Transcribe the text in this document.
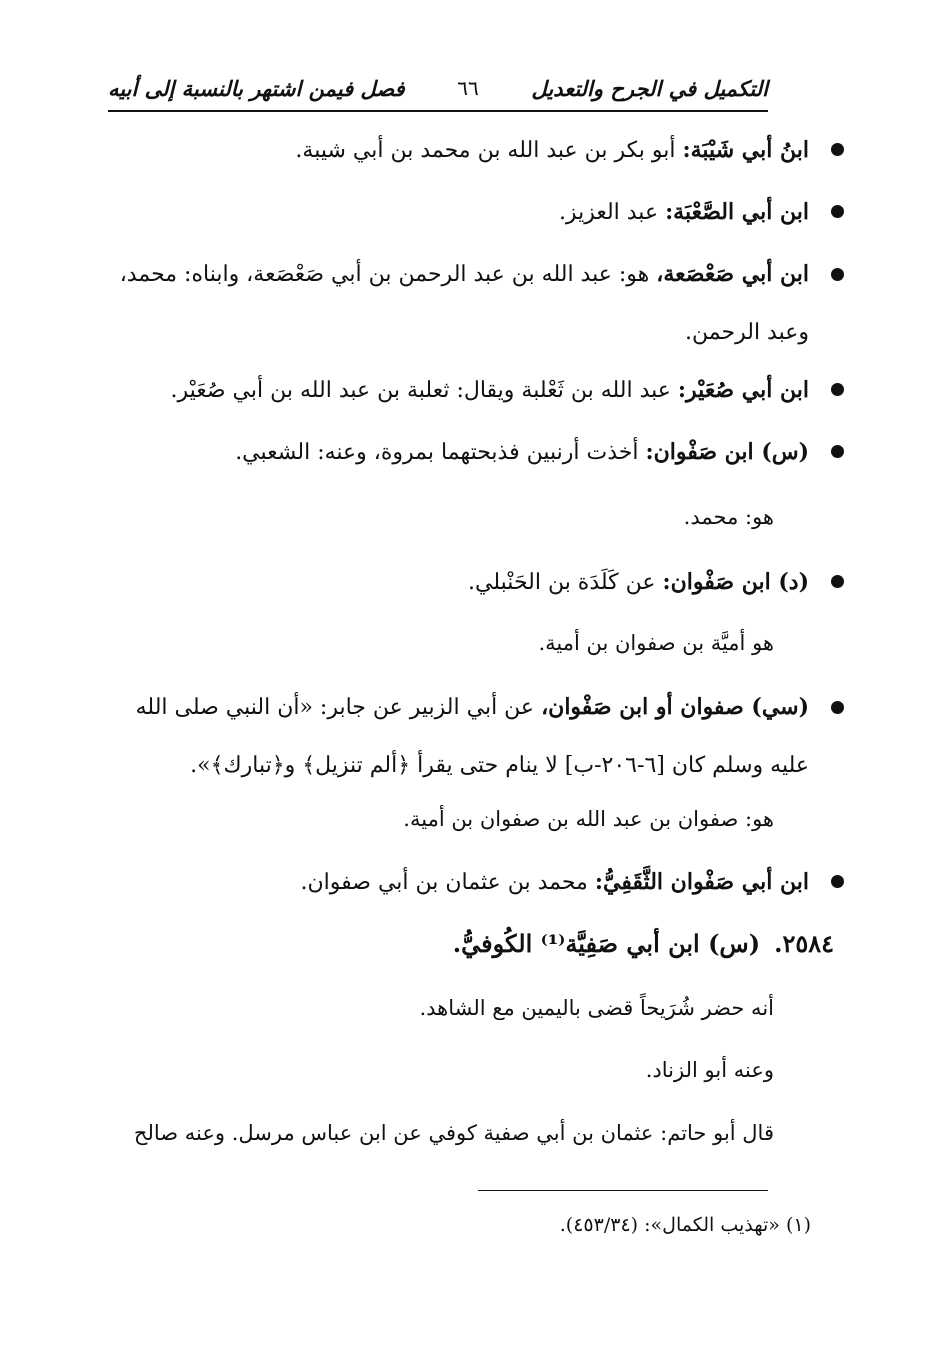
التكميل في الجرح والتعديل
٦٦
فصل فيمن اشتهر بالنسبة إلى أبيه
ابنُ أبي شَيْبَة: أبو بكر بن عبد الله بن محمد بن أبي شيبة.
ابن أبي الصَّعْبَة: عبد العزيز.
ابن أبي صَعْصَعة، هو: عبد الله بن عبد الرحمن بن أبي صَعْصَعة، وابناه: محمد، وعبد الرحمن.
ابن أبي صُعَيْر: عبد الله بن ثَعْلبة ويقال: ثعلبة بن عبد الله بن أبي صُعَيْر.
(س) ابن صَفْوان: أخذت أرنبين فذبحتهما بمروة، وعنه: الشعبي.
هو: محمد.
(د) ابن صَفْوان: عن كَلَدَة بن الحَنْبلي.
هو أميَّة بن صفوان بن أمية.
(سي) صفوان أو ابن صَفْوان، عن أبي الزبير عن جابر: «أن النبي صلى الله عليه وسلم كان [٦-٢٠٦-ب] لا ينام حتى يقرأ ﴿ألم تنزيل﴾ و﴿تبارك﴾».
هو: صفوان بن عبد الله بن صفوان بن أمية.
ابن أبي صَفْوان الثَّقَفِيُّ: محمد بن عثمان بن أبي صفوان.
٢٥٨٤.(س) ابن أبي صَفِيَّة⁽¹⁾ الكُوفيُّ.
أنه حضر شُرَيحاً قضى باليمين مع الشاهد.
وعنه أبو الزناد.
قال أبو حاتم: عثمان بن أبي صفية كوفي عن ابن عباس مرسل. وعنه صالح
(١) «تهذيب الكمال»: (٤٥٣/٣٤).
